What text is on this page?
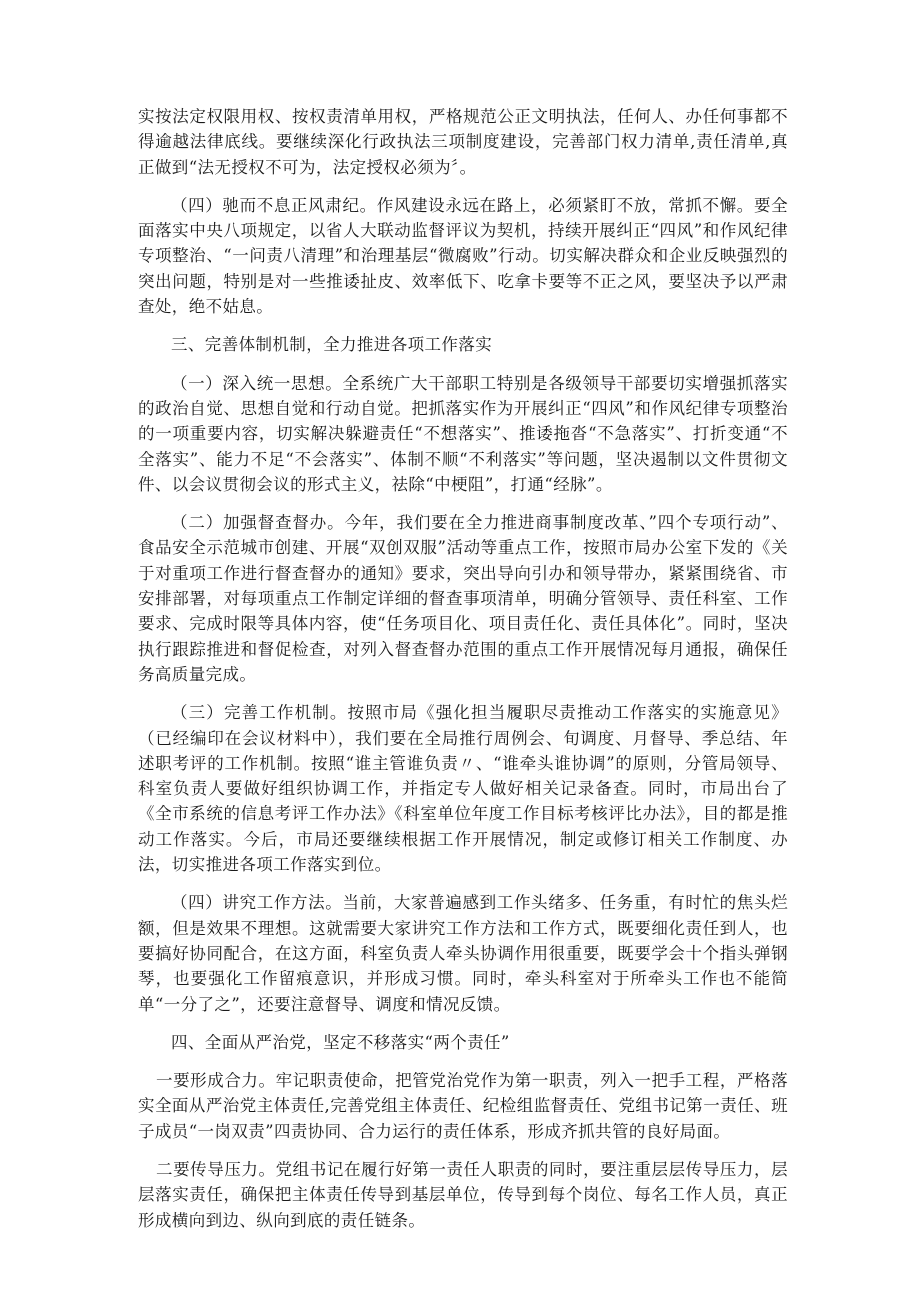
实按法定权限用权、按权责清单用权，严格规范公正文明执法，任何人、办任何事都不得逾越法律底线。要继续深化行政执法三项制度建设，完善部门权力清单,责任清单,真正做到“法无授权不可为，法定授权必须为〞。

（四）驰而不息正风肃纪。作风建设永远在路上，必须紧盯不放，常抓不懈。要全面落实中央八项规定，以省人大联动监督评议为契机，持续开展纠正“四风”和作风纪律专项整治、“一问责八清理”和治理基层“微腐败”行动。切实解决群众和企业反映强烈的突出问题，特别是对一些推诿扯皮、效率低下、吃拿卡要等不正之风，要坚决予以严肃查处，绝不姑息。

三、完善体制机制，全力推进各项工作落实

（一）深入统一思想。全系统广大干部职工特别是各级领导干部要切实增强抓落实的政治自觉、思想自觉和行动自觉。把抓落实作为开展纠正“四风”和作风纪律专项整治的一项重要内容，切实解决躲避责任“不想落实”、推诿拖沓“不急落实”、打折变通“不全落实”、能力不足“不会落实”、体制不顺“不利落实”等问题，坚决遏制以文件贯彻文件、以会议贯彻会议的形式主义，祛除“中梗阻”，打通“经脉”。

（二）加强督查督办。今年，我们要在全力推进商事制度改革、”四个专项行动”、食品安全示范城市创建、开展“双创双服”活动等重点工作，按照市局办公室下发的《关于对重项工作进行督查督办的通知》要求，突出导向引办和领导带办，紧紧围绕省、市安排部署，对每项重点工作制定详细的督查事项清单，明确分管领导、责任科室、工作要求、完成时限等具体内容，使“任务项目化、项目责任化、责任具体化”。同时，坚决执行跟踪推进和督促检查，对列入督查督办范围的重点工作开展情况每月通报，确保任务高质量完成。

（三）完善工作机制。按照市局《强化担当履职尽责推动工作落实的实施意见》（已经编印在会议材料中），我们要在全局推行周例会、旬调度、月督导、季总结、年述职考评的工作机制。按照“谁主管谁负责〃、“谁牵头谁协调”的原则，分管局领导、科室负责人要做好组织协调工作，并指定专人做好相关记录备查。同时，市局出台了《全市系统的信息考评工作办法》《科室单位年度工作目标考核评比办法》，目的都是推动工作落实。今后，市局还要继续根据工作开展情况，制定或修订相关工作制度、办法，切实推进各项工作落实到位。

（四）讲究工作方法。当前，大家普遍感到工作头绪多、任务重，有时忙的焦头烂额，但是效果不理想。这就需要大家讲究工作方法和工作方式，既要细化责任到人，也要搞好协同配合，在这方面，科室负责人牵头协调作用很重要，既要学会十个指头弹钢琴，也要强化工作留痕意识，并形成习惯。同时，牵头科室对于所牵头工作也不能简单“一分了之”，还要注意督导、调度和情况反馈。

四、全面从严治党，坚定不移落实“两个责任”

一要形成合力。牢记职责使命，把管党治党作为第一职责，列入一把手工程，严格落实全面从严治党主体责任,完善党组主体责任、纪检组监督责任、党组书记第一责任、班子成员“一岗双责”四责协同、合力运行的责任体系，形成齐抓共管的良好局面。

二要传导压力。党组书记在履行好第一责任人职责的同时，要注重层层传导压力，层层落实责任，确保把主体责任传导到基层单位，传导到每个岗位、每名工作人员，真正形成横向到边、纵向到底的责任链条。
